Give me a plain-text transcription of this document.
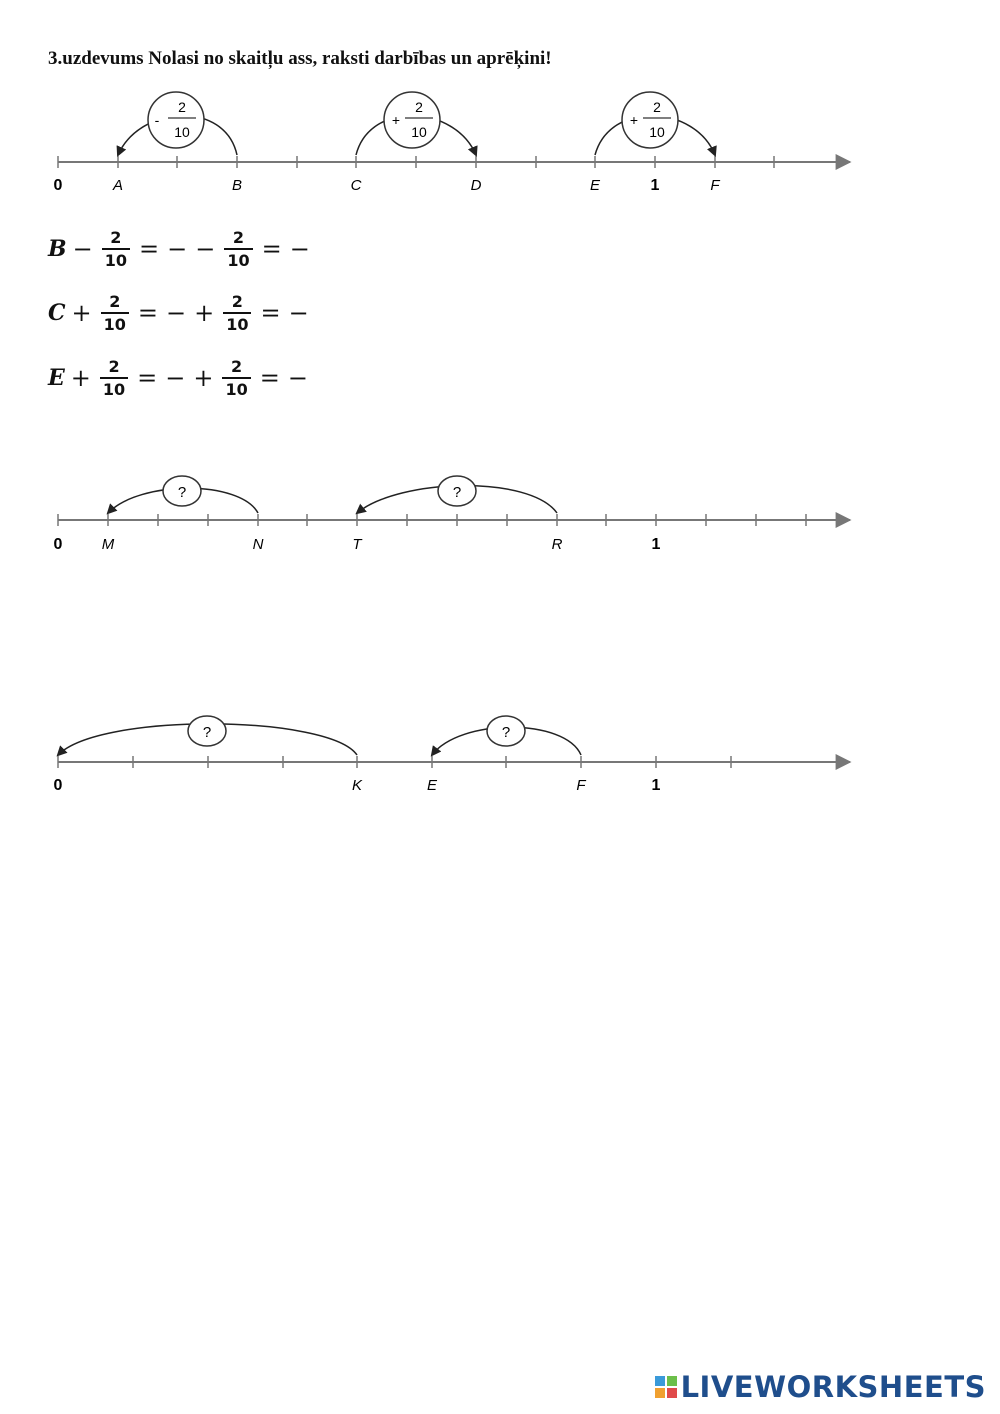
3.uzdevums Nolasi no skaitļu ass, raksti darbības un aprēķini!
-
2
10
+
2
10
+
2
10
0	A	B	C	D	E	1	F
$B - \frac{2}{10}$ = − − $\frac{2}{10}$ = −
$C + \frac{2}{10}$ = − + $\frac{2}{10}$ = −
$E + \frac{2}{10}$ = − + $\frac{2}{10}$ = −
?	?
0	M	N	T	R	1
?	?
0	K	E	F	1
LIVEWORKSHEETS
